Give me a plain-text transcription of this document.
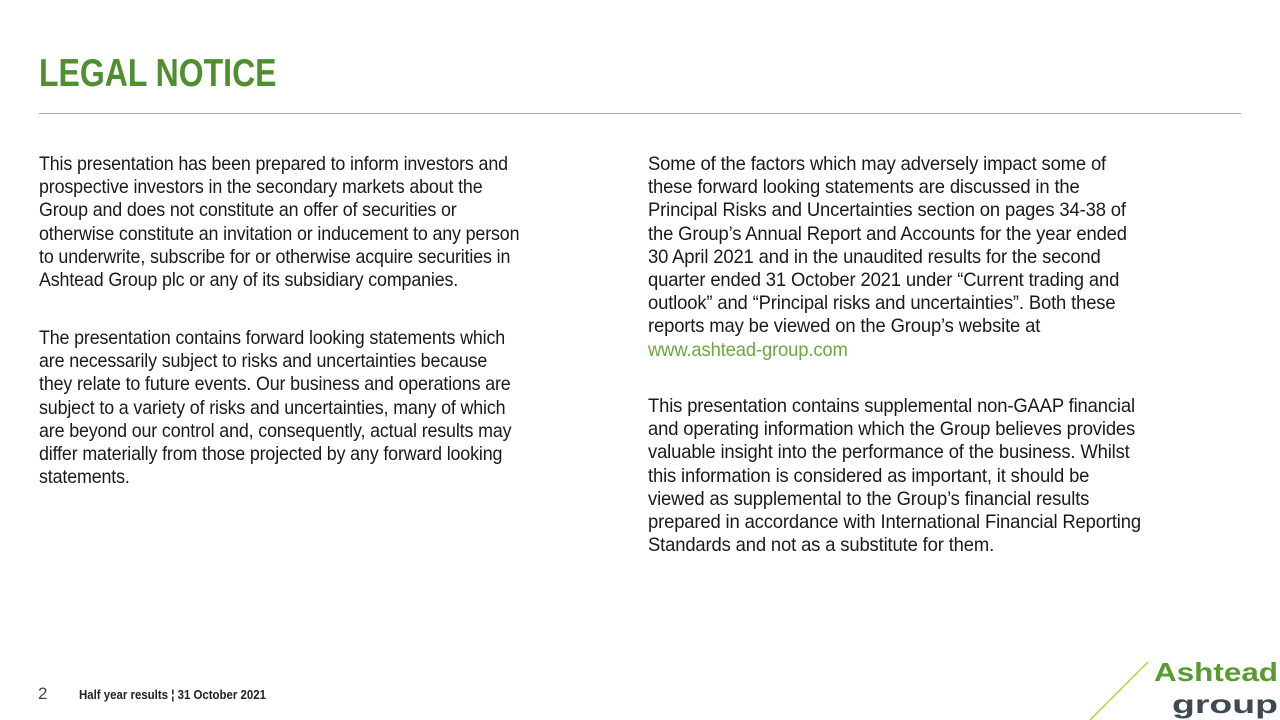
LEGAL NOTICE
This presentation has been prepared to inform investors and
prospective investors in the secondary markets about the
Group and does not constitute an offer of securities or
otherwise constitute an invitation or inducement to any person
to underwrite, subscribe for or otherwise acquire securities in
Ashtead Group plc or any of its subsidiary companies.
The presentation contains forward looking statements which
are necessarily subject to risks and uncertainties because
they relate to future events. Our business and operations are
subject to a variety of risks and uncertainties, many of which
are beyond our control and, consequently, actual results may
differ materially from those projected by any forward looking
statements.
Some of the factors which may adversely impact some of
these forward looking statements are discussed in the
Principal Risks and Uncertainties section on pages 34-38 of
the Group’s Annual Report and Accounts for the year ended
30 April 2021 and in the unaudited results for the second
quarter ended 31 October 2021 under “Current trading and
outlook” and “Principal risks and uncertainties”. Both these
reports may be viewed on the Group’s website at
www.ashtead-group.com
This presentation contains supplemental non-GAAP financial
and operating information which the Group believes provides
valuable insight into the performance of the business. Whilst
this information is considered as important, it should be
viewed as supplemental to the Group’s financial results
prepared in accordance with International Financial Reporting
Standards and not as a substitute for them.
2 Half year results ¦ 31 October 2021
Ashtead
group
